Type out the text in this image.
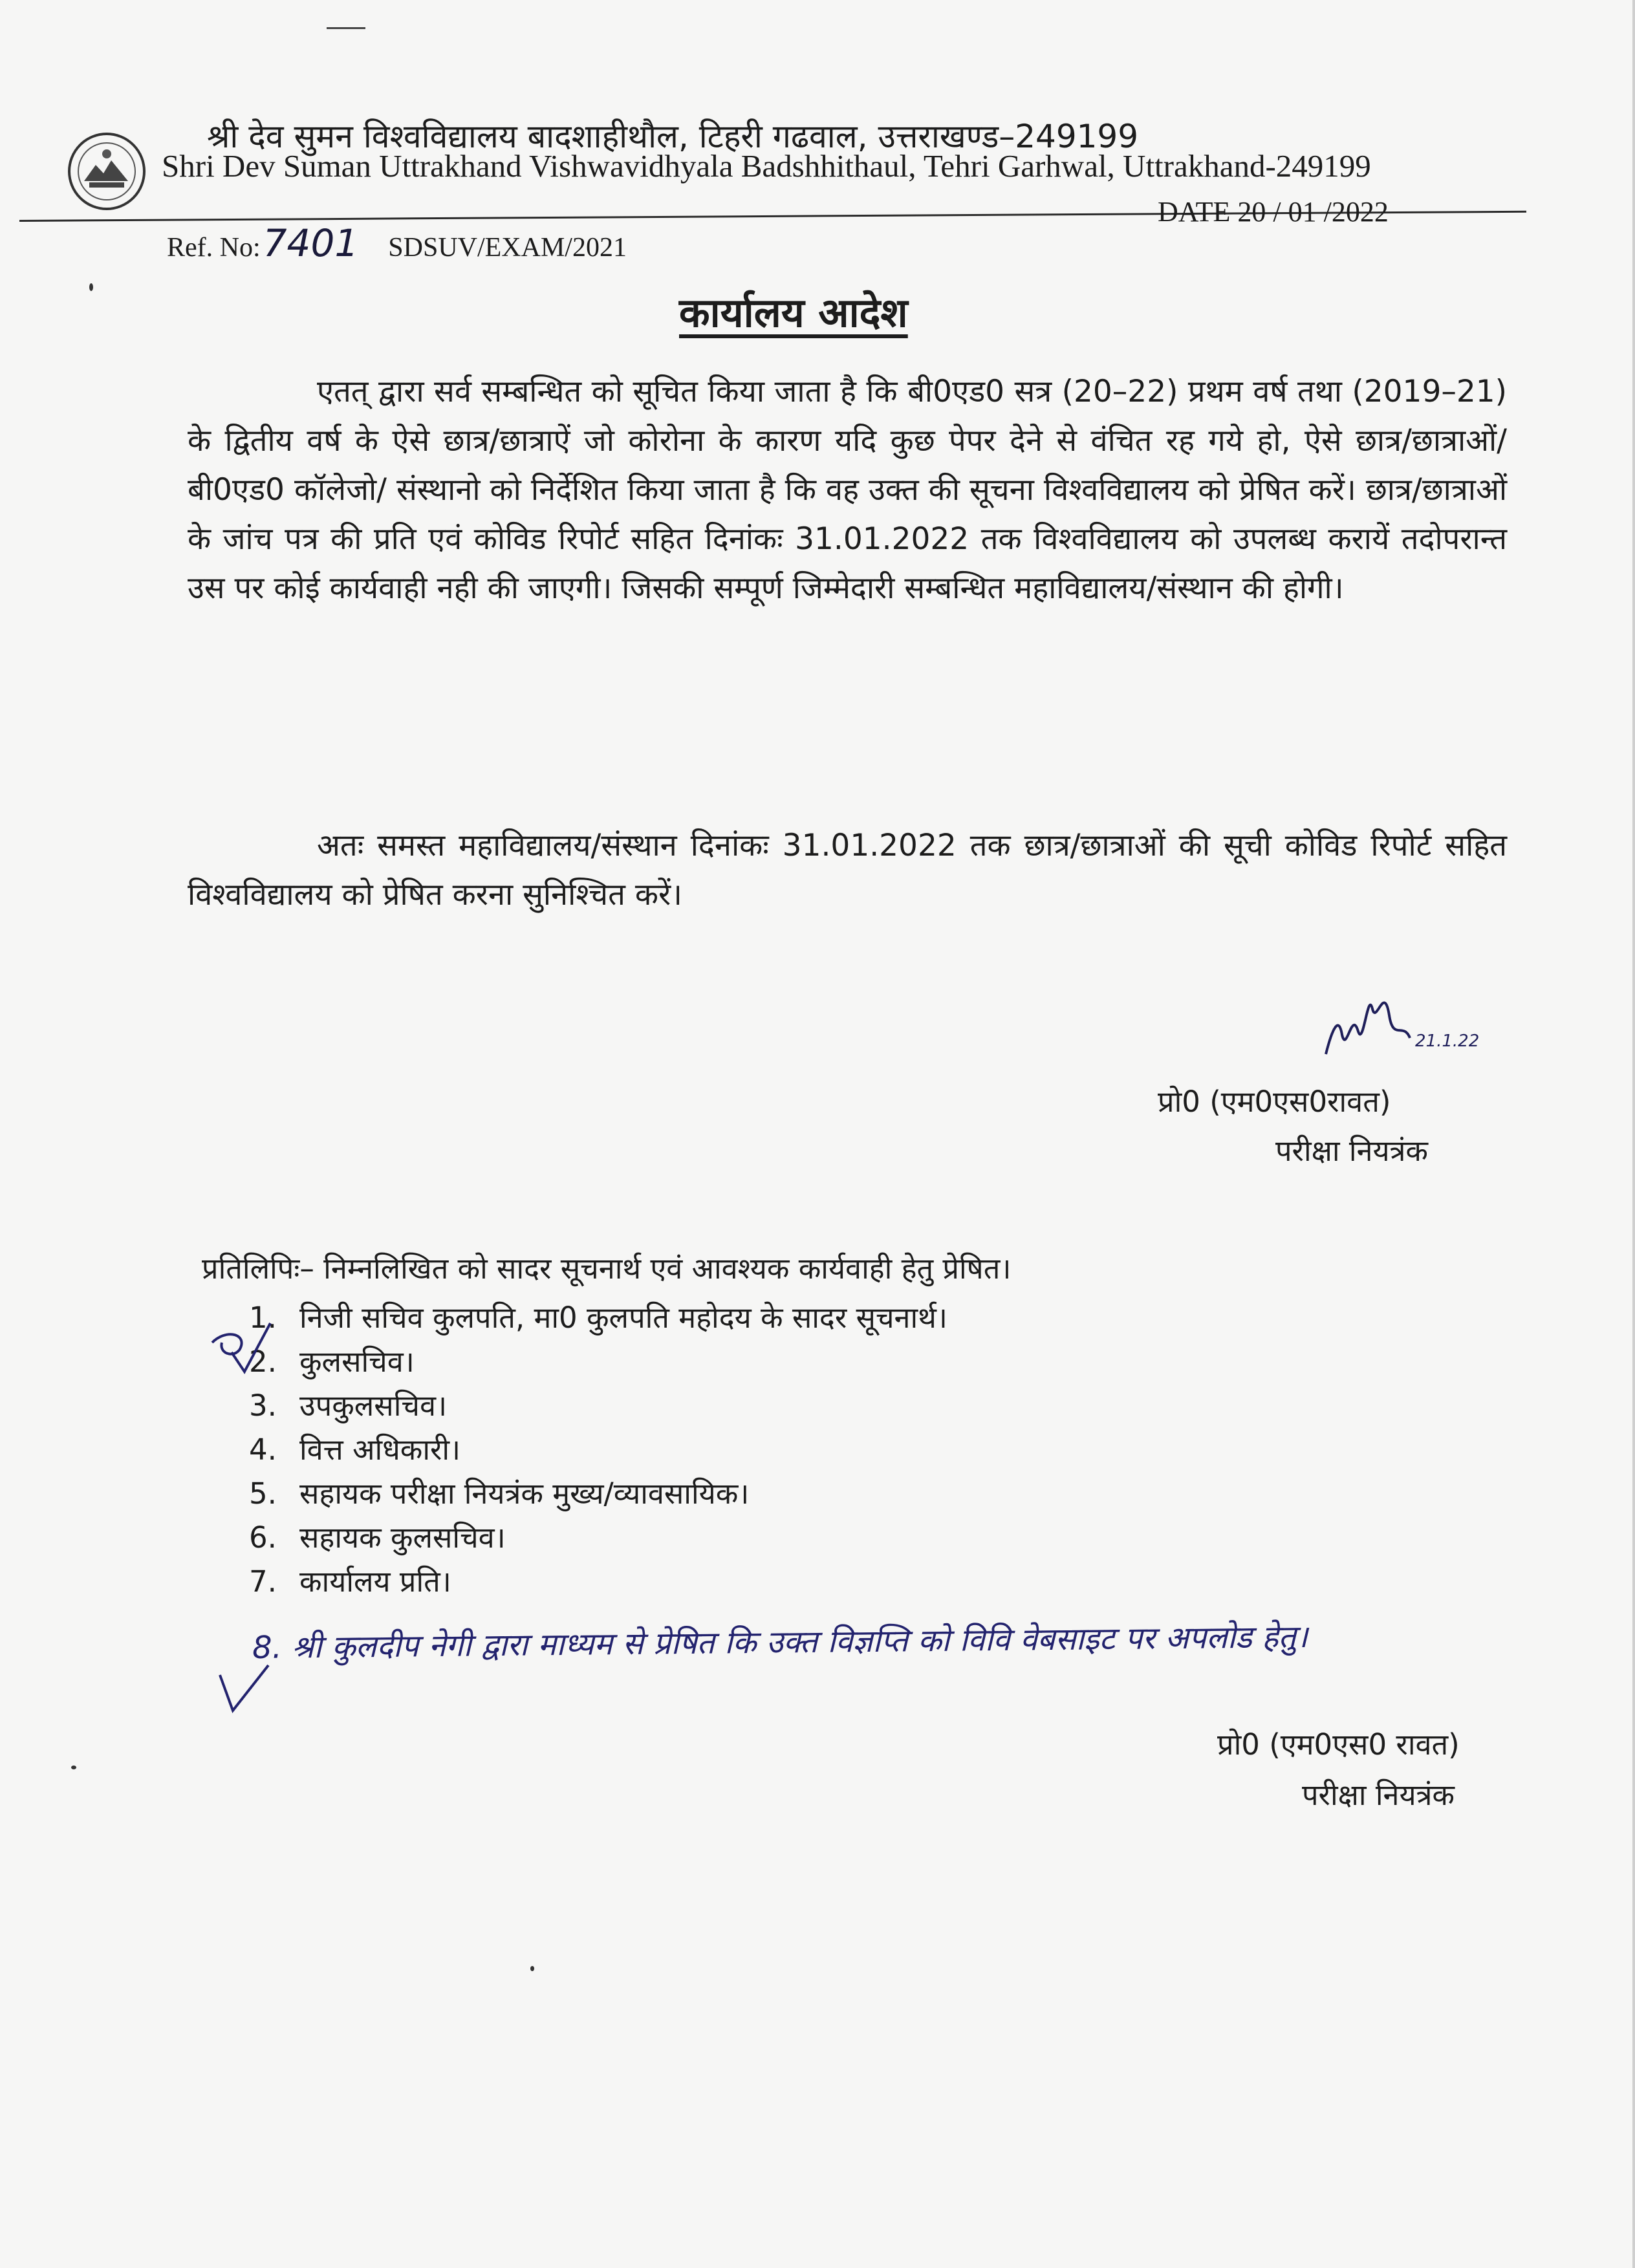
श्री देव सुमन विश्वविद्यालय बादशाहीथौल, टिहरी गढवाल, उत्तराखण्ड–249199
Shri Dev Suman Uttrakhand Vishwavidhyala Badshhithaul, Tehri Garhwal, Uttrakhand-249199
Ref. No:7401 SDSUV/EXAM/2021
DATE 20 / 01 /2022
कार्यालय आदेश
एतत् द्वारा सर्व सम्बन्धित को सूचित किया जाता है कि बी0एड0 सत्र (20–22) प्रथम वर्ष तथा (2019–21) के द्वितीय वर्ष के ऐसे छात्र/छात्राऐं जो कोरोना के कारण यदि कुछ पेपर देने से वंचित रह गये हो, ऐसे छात्र/छात्राओं/बी0एड0 कॉलेजो/ संस्थानो को निर्देशित किया जाता है कि वह उक्त की सूचना विश्वविद्यालय को प्रेषित करें। छात्र/छात्राओं के जांच पत्र की प्रति एवं कोविड रिपोर्ट सहित दिनांकः 31.01.2022 तक विश्वविद्यालय को उपलब्ध करायें तदोपरान्त उस पर कोई कार्यवाही नही की जाएगी। जिसकी सम्पूर्ण जिम्मेदारी सम्बन्धित महाविद्यालय/संस्थान की होगी।
अतः समस्त महाविद्यालय/संस्थान दिनांकः 31.01.2022 तक छात्र/छात्राओं की सूची कोविड रिपोर्ट सहित विश्वविद्यालय को प्रेषित करना सुनिश्चित करें।
21.1.22
प्रो0 (एम0एस0रावत)
परीक्षा नियत्रंक
प्रतिलिपिः– निम्नलिखित को सादर सूचनार्थ एवं आवश्यक कार्यवाही हेतु प्रेषित।
1. निजी सचिव कुलपति, मा0 कुलपति महोदय के सादर सूचनार्थ।
2. कुलसचिव।
3. उपकुलसचिव।
4. वित्त अधिकारी।
5. सहायक परीक्षा नियत्रंक मुख्य/व्यावसायिक।
6. सहायक कुलसचिव।
7. कार्यालय प्रति।
8. श्री कुलदीप नेगी द्वारा माध्यम से प्रेषित कि उक्त विज्ञप्ति को विवि वेबसाइट पर अपलोड हेतु।
प्रो0 (एम0एस0 रावत)
परीक्षा नियत्रंक
